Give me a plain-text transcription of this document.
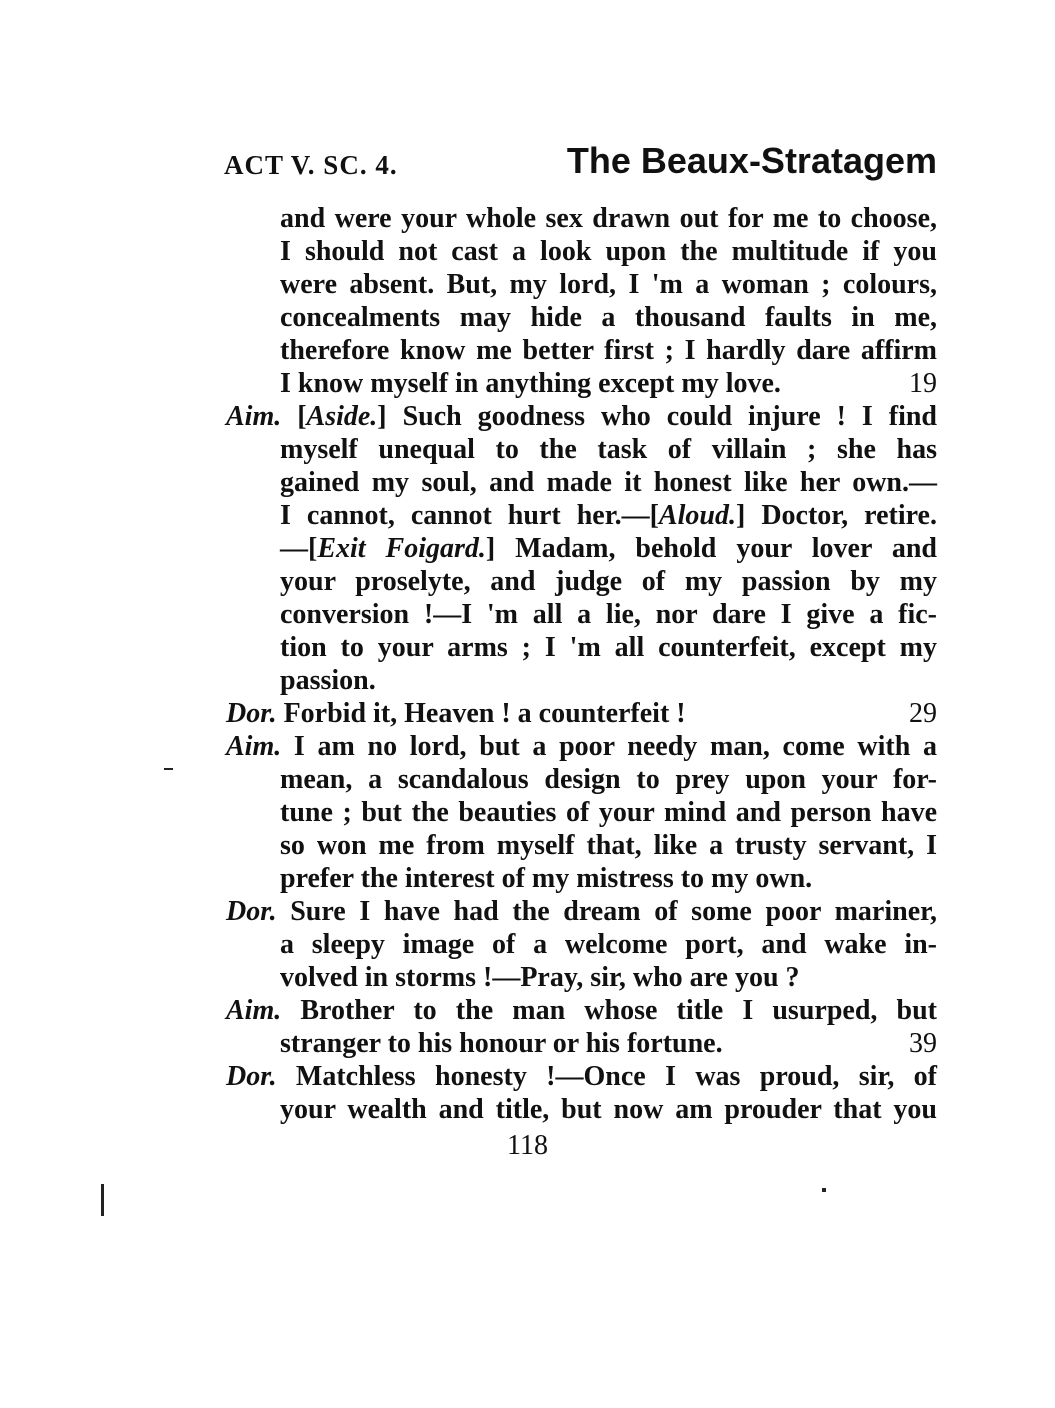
ACT V. SC. 4.	The Beaux-Stratagem
and were your whole sex drawn out for me to choose,
I should not cast a look upon the multitude if you
were absent. But, my lord, I 'm a woman ; colours,
concealments may hide a thousand faults in me,
therefore know me better first ; I hardly dare affirm
I know myself in anything except my love.	19
Aim. [Aside.] Such goodness who could injure ! I find
myself unequal to the task of villain ; she has
gained my soul, and made it honest like her own.—
I cannot, cannot hurt her.—[Aloud.] Doctor, retire.
—[Exit Foigard.] Madam, behold your lover and
your proselyte, and judge of my passion by my
conversion !—I 'm all a lie, nor dare I give a fic-
tion to your arms ; I 'm all counterfeit, except my
passion.
Dor. Forbid it, Heaven ! a counterfeit !	29
Aim. I am no lord, but a poor needy man, come with a
mean, a scandalous design to prey upon your for-
tune ; but the beauties of your mind and person have
so won me from myself that, like a trusty servant, I
prefer the interest of my mistress to my own.
Dor. Sure I have had the dream of some poor mariner,
a sleepy image of a welcome port, and wake in-
volved in storms !—Pray, sir, who are you ?
Aim. Brother to the man whose title I usurped, but
stranger to his honour or his fortune.	39
Dor. Matchless honesty !—Once I was proud, sir, of
your wealth and title, but now am prouder that you
118
